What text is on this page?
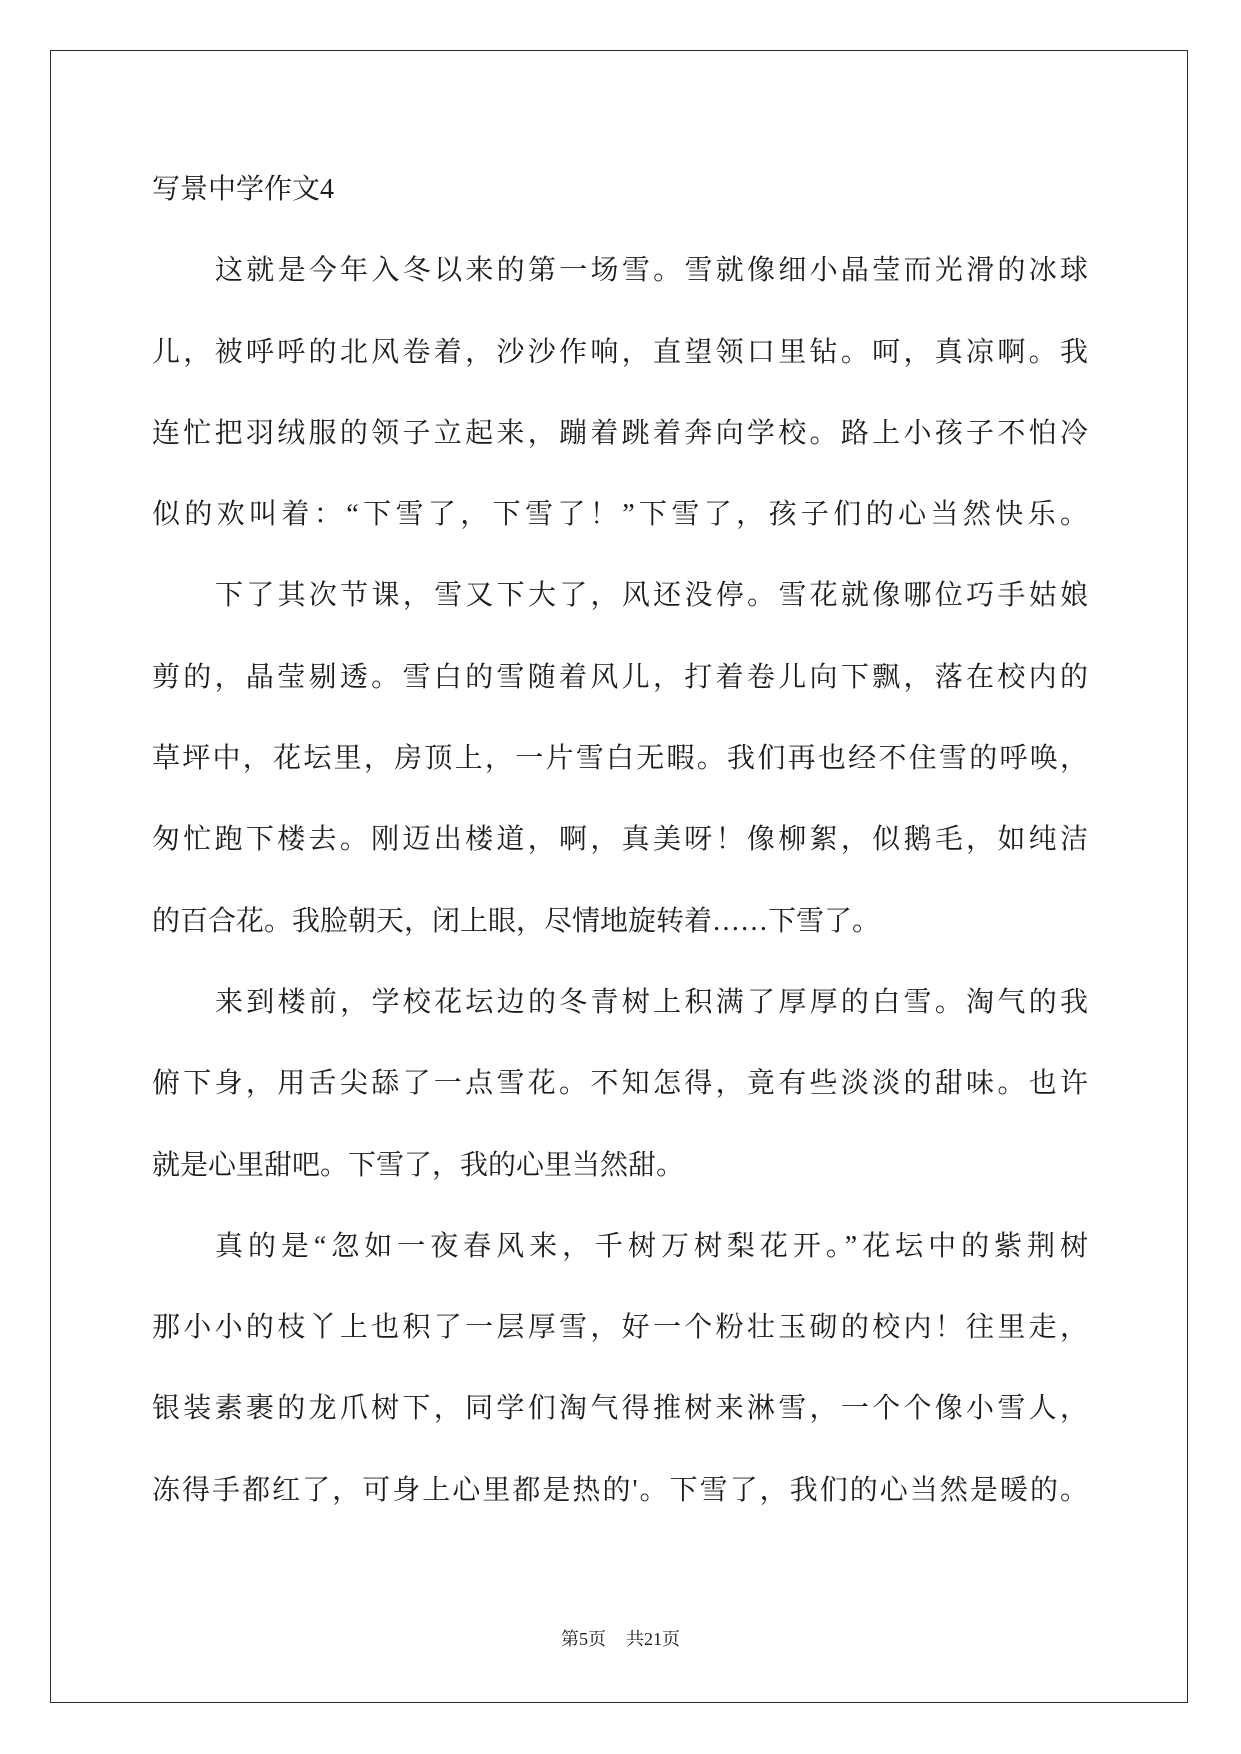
写景中学作文4
这就是今年入冬以来的第一场雪。雪就像细小晶莹而光滑的冰球
儿，被呼呼的北风卷着，沙沙作响，直望领口里钻。呵，真凉啊。我
连忙把羽绒服的领子立起来，蹦着跳着奔向学校。路上小孩子不怕冷
似的欢叫着：“下雪了，下雪了！”下雪了，孩子们的心当然快乐。
下了其次节课，雪又下大了，风还没停。雪花就像哪位巧手姑娘
剪的，晶莹剔透。雪白的雪随着风儿，打着卷儿向下飘，落在校内的
草坪中，花坛里，房顶上，一片雪白无暇。我们再也经不住雪的呼唤，
匆忙跑下楼去。刚迈出楼道，啊，真美呀！像柳絮，似鹅毛，如纯洁
的百合花。我脸朝天，闭上眼，尽情地旋转着……下雪了。
来到楼前，学校花坛边的冬青树上积满了厚厚的白雪。淘气的我
俯下身，用舌尖舔了一点雪花。不知怎得，竟有些淡淡的甜味。也许
就是心里甜吧。下雪了，我的心里当然甜。
真的是“忽如一夜春风来，千树万树梨花开。”花坛中的紫荆树
那小小的枝丫上也积了一层厚雪，好一个粉壮玉砌的校内！往里走，
银装素裹的龙爪树下，同学们淘气得推树来淋雪，一个个像小雪人，
冻得手都红了，可身上心里都是热的'。下雪了，我们的心当然是暖的。
第5页 共21页
